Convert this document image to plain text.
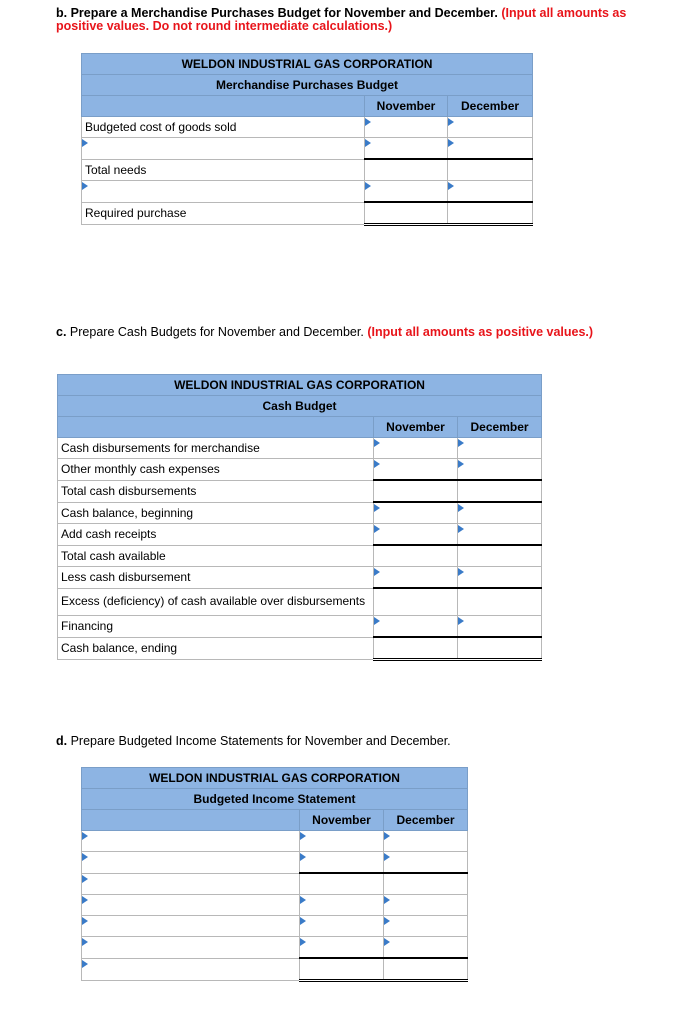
b. Prepare a Merchandise Purchases Budget for November and December. (Input all amounts as positive values. Do not round intermediate calculations.)
WELDON INDUSTRIAL GAS CORPORATION		
Merchandise Purchases Budget		
	November	December
Budgeted cost of goods sold	

Total needs	

Required purchase	

c. Prepare Cash Budgets for November and December. (Input all amounts as positive values.)
WELDON INDUSTRIAL GAS CORPORATION		
Cash Budget		
	November	December
Cash disbursements for merchandise	

Other monthly cash expenses	

Total cash disbursements	

Cash balance, beginning	

Add cash receipts	

Total cash available	

Less cash disbursement	

Excess (deficiency) of cash available over disbursements	

Financing	

Cash balance, ending	

d. Prepare Budgeted Income Statements for November and December.
WELDON INDUSTRIAL GAS CORPORATION		
Budgeted Income Statement		
	November	December
